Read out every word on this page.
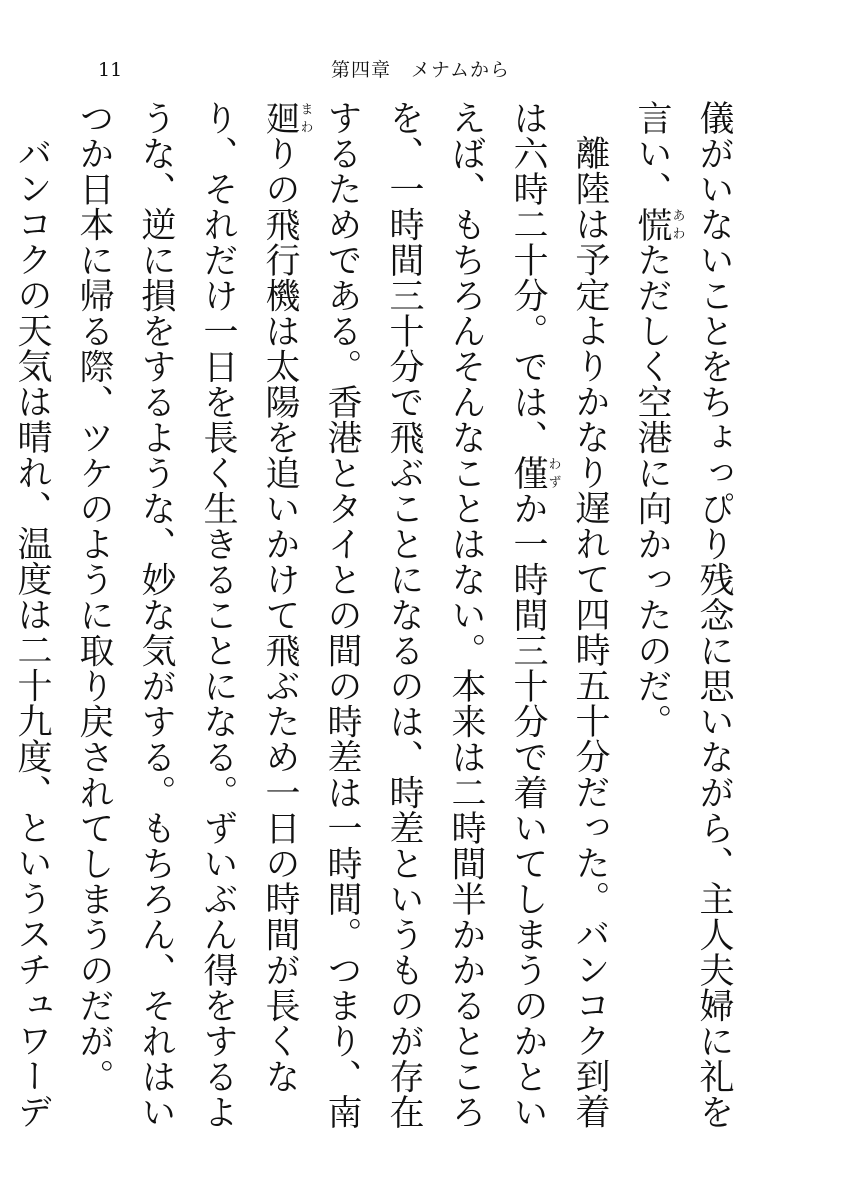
11	第四章　メナムから

儀がいないことをちょっぴり残念に思いながら、主人夫婦に礼を言い、慌あわただしく空港に向かったのだ。

離陸は予定よりかなり遅れて四時五十分だった。バンコク到着は六時二十分。では、僅わずか一時間三十分で着いてしまうのかといえば、もちろんそんなことはない。本来は二時間半かかるところを、一時間三十分で飛ぶことになるのは、時差というものが存在するためである。香港とタイとの間の時差は一時間。つまり、南廻まわりの飛行機は太陽を追いかけて飛ぶため一日の時間が長くなり、それだけ一日を長く生きることになる。ずいぶん得をするような、逆に損をするような、妙な気がする。もちろん、それはいつか日本に帰る際、ツケのように取り戻されてしまうのだが。

バンコクの天気は晴れ、温度は二十九度、というスチュワーデ
